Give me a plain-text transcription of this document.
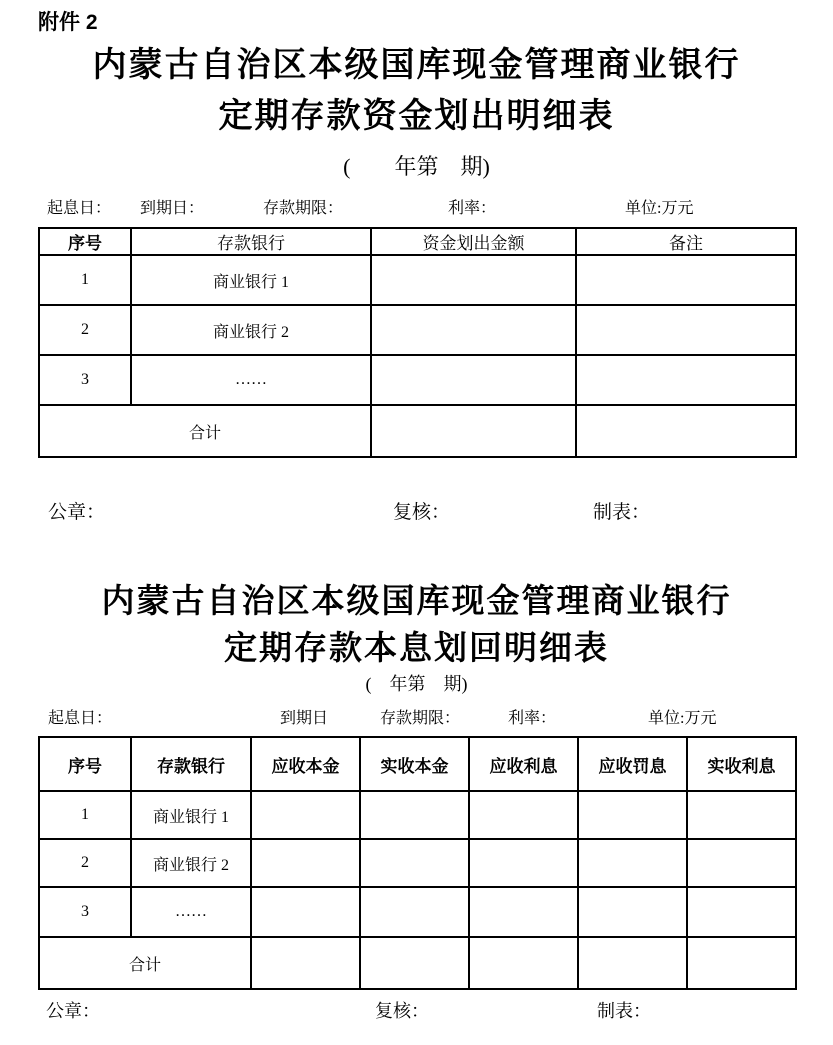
附件 2
内蒙古自治区本级国库现金管理商业银行
定期存款资金划出明细表
(　　年第　期)
起息日： 到期日：	存款期限：	利率：	单位:万元
序号	存款银行	资金划出金额	备注
1	商业银行 1		
2	商业银行 2		
3	……		
合计			
公章：	复核：	制表：
内蒙古自治区本级国库现金管理商业银行
定期存款本息划回明细表
(　年第　期)
起息日：	到期日	存款期限：	利率：	单位:万元
序号	存款银行	应收本金	实收本金	应收利息	应收罚息	实收利息
1	商业银行 1					
2	商业银行 2					
3	……					
合计						
公章：	复核：	制表：
